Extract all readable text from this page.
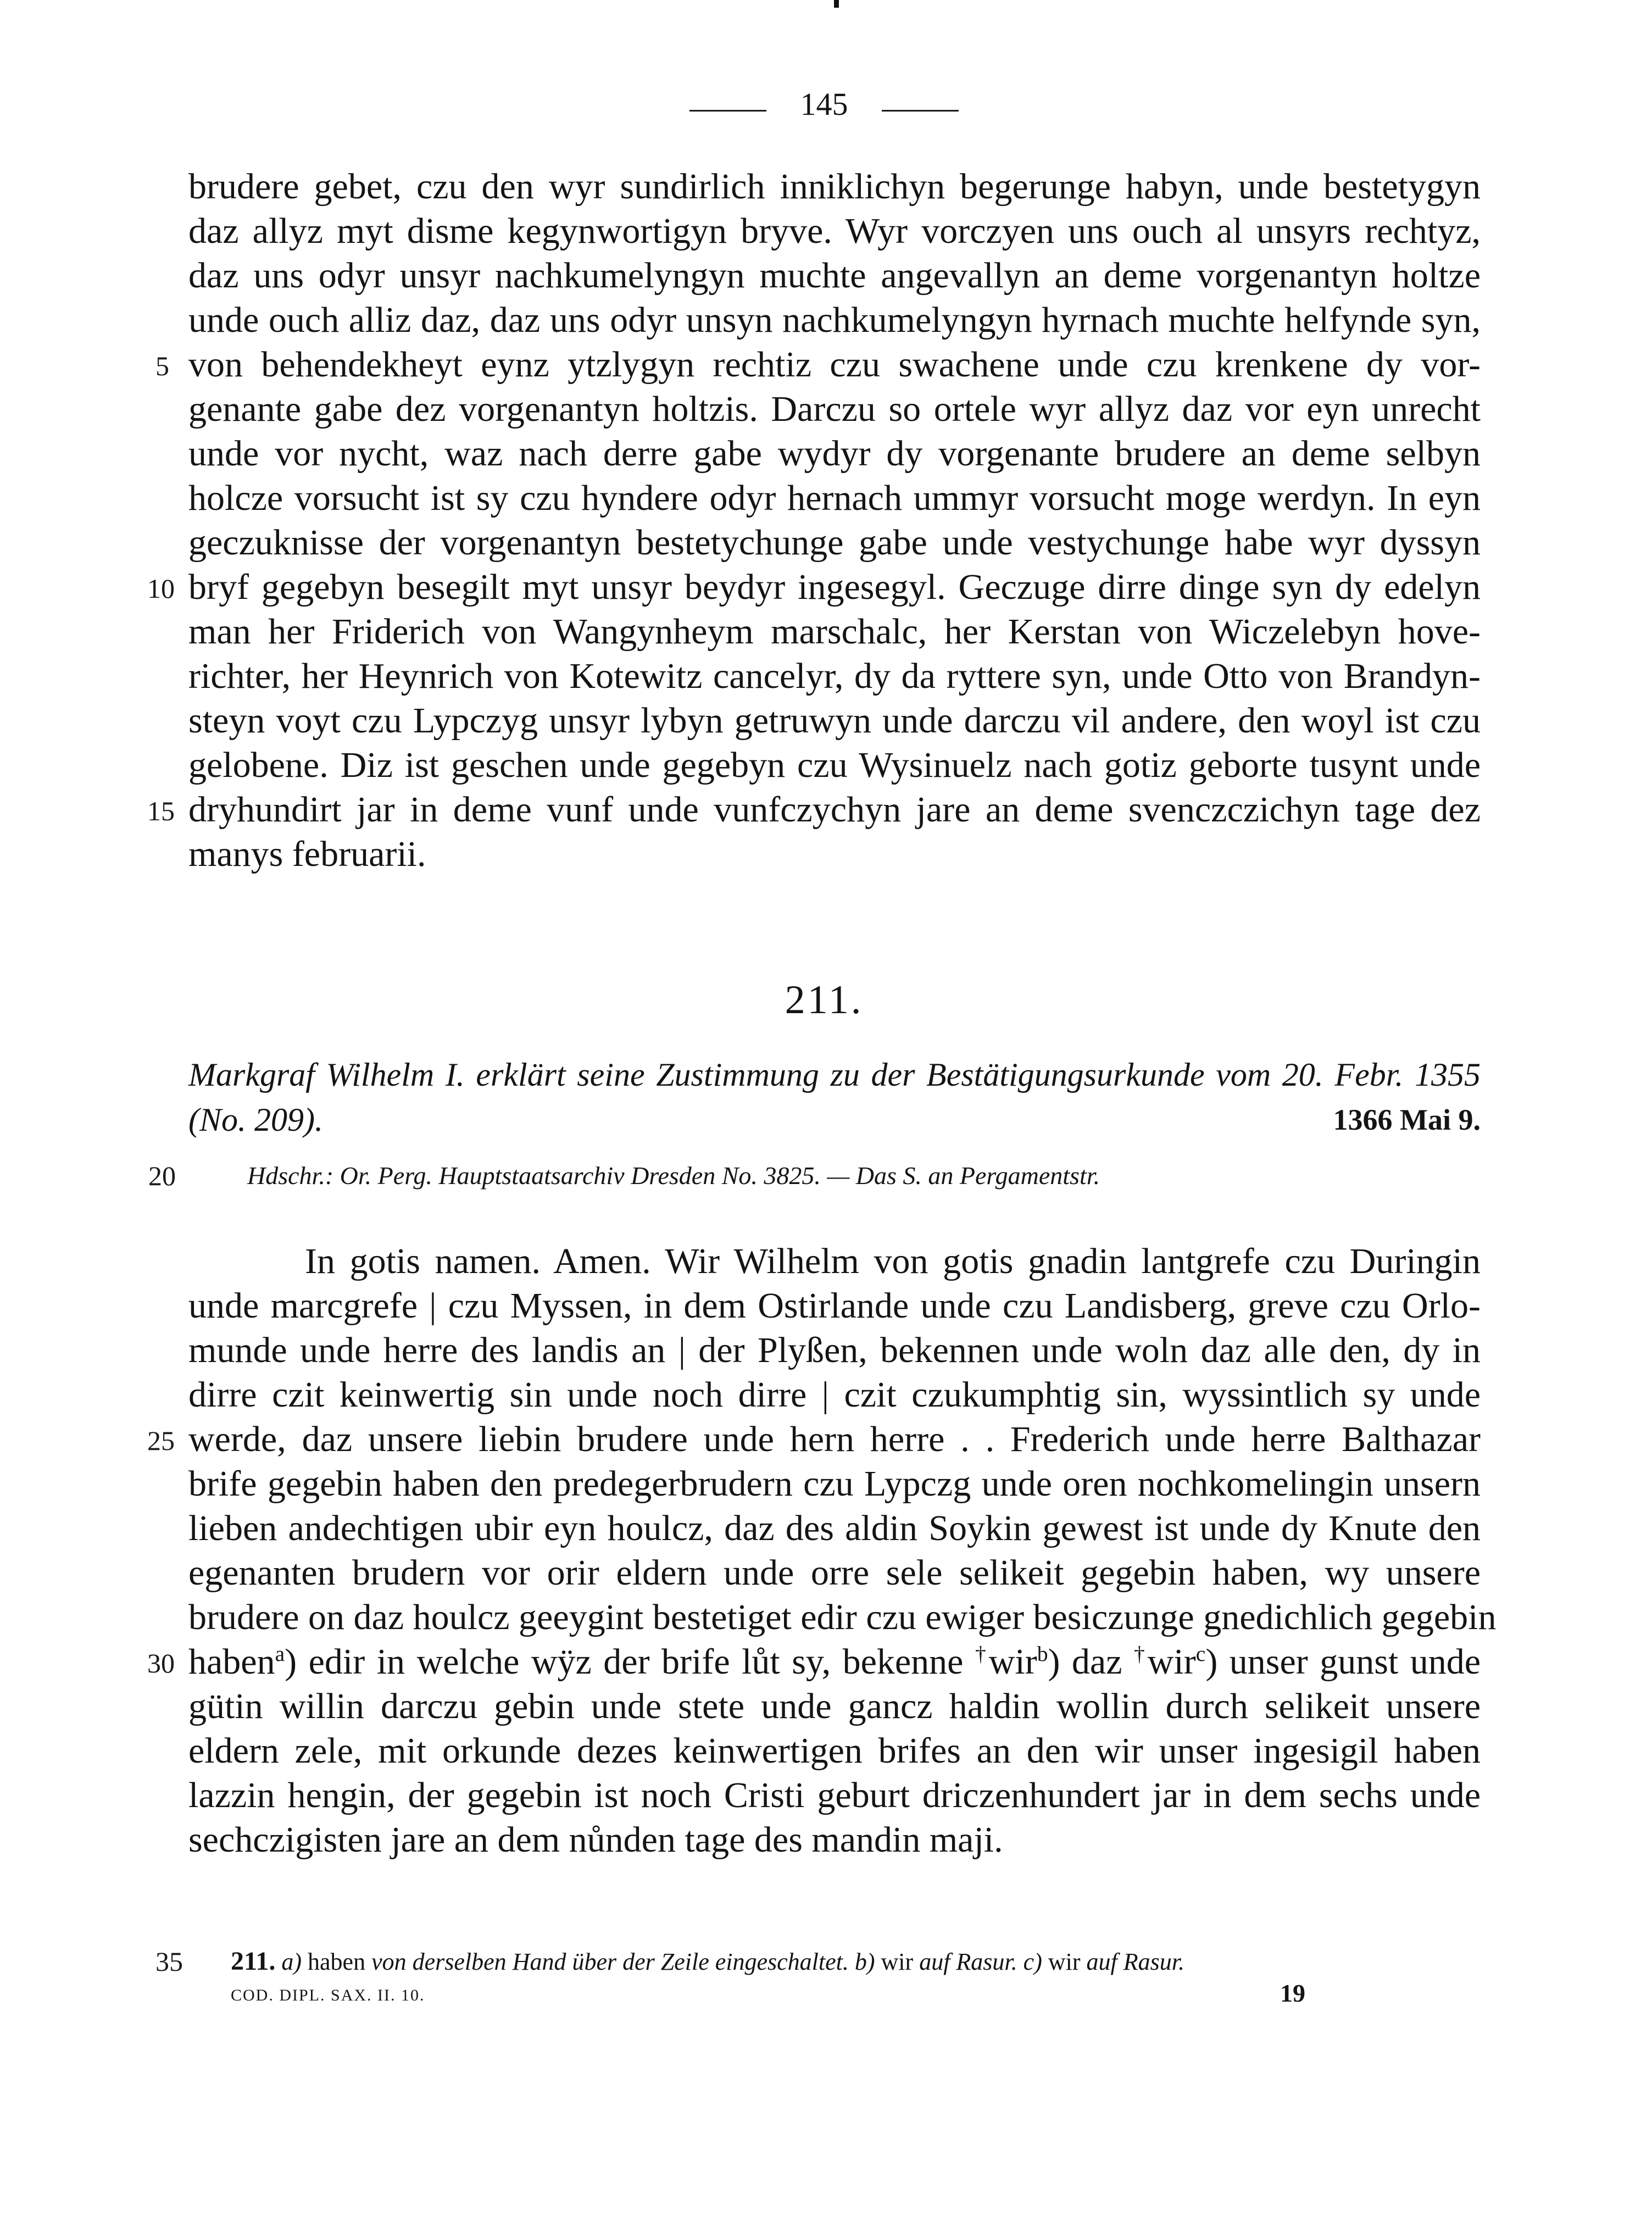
145
brudere gebet, czu den wyr sundirlich inniklichyn begerunge habyn, unde bestetygyn
daz allyz myt disme kegynwortigyn bryve. Wyr vorczyen uns ouch al unsyrs rechtyz,
daz uns odyr unsyr nachkumelyngyn muchte angevallyn an deme vorgenantyn holtze
unde ouch alliz daz, daz uns odyr unsyn nachkumelyngyn hyrnach muchte helfynde syn,
von behendekheyt eynz ytzlygyn rechtiz czu swachene unde czu krenkene dy vor-
genante gabe dez vorgenantyn holtzis. Darczu so ortele wyr allyz daz vor eyn unrecht
unde vor nycht, waz nach derre gabe wydyr dy vorgenante brudere an deme selbyn
holcze vorsucht ist sy czu hyndere odyr hernach ummyr vorsucht moge werdyn. In eyn
geczuknisse der vorgenantyn bestetychunge gabe unde vestychunge habe wyr dyssyn
bryf gegebyn besegilt myt unsyr beydyr ingesegyl. Geczuge dirre dinge syn dy edelyn
man her Friderich von Wangynheym marschalc, her Kerstan von Wiczelebyn hove-
richter, her Heynrich von Kotewitz cancelyr, dy da ryttere syn, unde Otto von Brandyn-
steyn voyt czu Lypczyg unsyr lybyn getruwyn unde darczu vil andere, den woyl ist czu
gelobene. Diz ist geschen unde gegebyn czu Wysinuelz nach gotiz geborte tusynt unde
dryhundirt jar in deme vunf unde vunfczychyn jare an deme svenczczichyn tage dez
manys februarii.
5
10
15
211.
Markgraf Wilhelm I. erklärt seine Zustimmung zu der Bestätigungsurkunde vom 20. Febr. 1355
(No. 209).	1366 Mai 9.
20	Hdschr.: Or. Perg. Hauptstaatsarchiv Dresden No. 3825. — Das S. an Pergamentstr.
In gotis namen. Amen. Wir Wilhelm von gotis gnadin lantgrefe czu Duringin
unde marcgrefe | czu Myssen, in dem Ostirlande unde czu Landisberg, greve czu Orlo-
munde unde herre des landis an | der Plyßen, bekennen unde woln daz alle den, dy in
dirre czit keinwertig sin unde noch dirre | czit czukumphtig sin, wyssintlich sy unde
werde, daz unsere liebin brudere unde hern herre . . Frederich unde herre Balthazar
brife gegebin haben den predegerbrudern czu Lypczg unde oren nochkomelingin unsern
lieben andechtigen ubir eyn houlcz, daz des aldin Soykin gewest ist unde dy Knute den
egenanten brudern vor orir eldern unde orre sele selikeit gegebin haben, wy unsere
brudere on daz houlcz geeygint bestetiget edir czu ewiger besiczunge gnedichlich gegebin
haben$^a$) edir in welche wÿz der brife lůt sy, bekenne †wir$^b$) daz †wir$^c$) unser gunst unde
gütin willin darczu gebin unde stete unde gancz haldin wollin durch selikeit unsere
eldern zele, mit orkunde dezes keinwertigen brifes an den wir unser ingesigil haben
lazzin hengin, der gegebin ist noch Cristi geburt driczenhundert jar in dem sechs unde
sechczigisten jare an dem nůnden tage des mandin maji.
25
30
35 211. a) haben von derselben Hand über der Zeile eingeschaltet. b) wir auf Rasur. c) wir auf Rasur.
COD. DIPL. SAX. II. 10.	19
